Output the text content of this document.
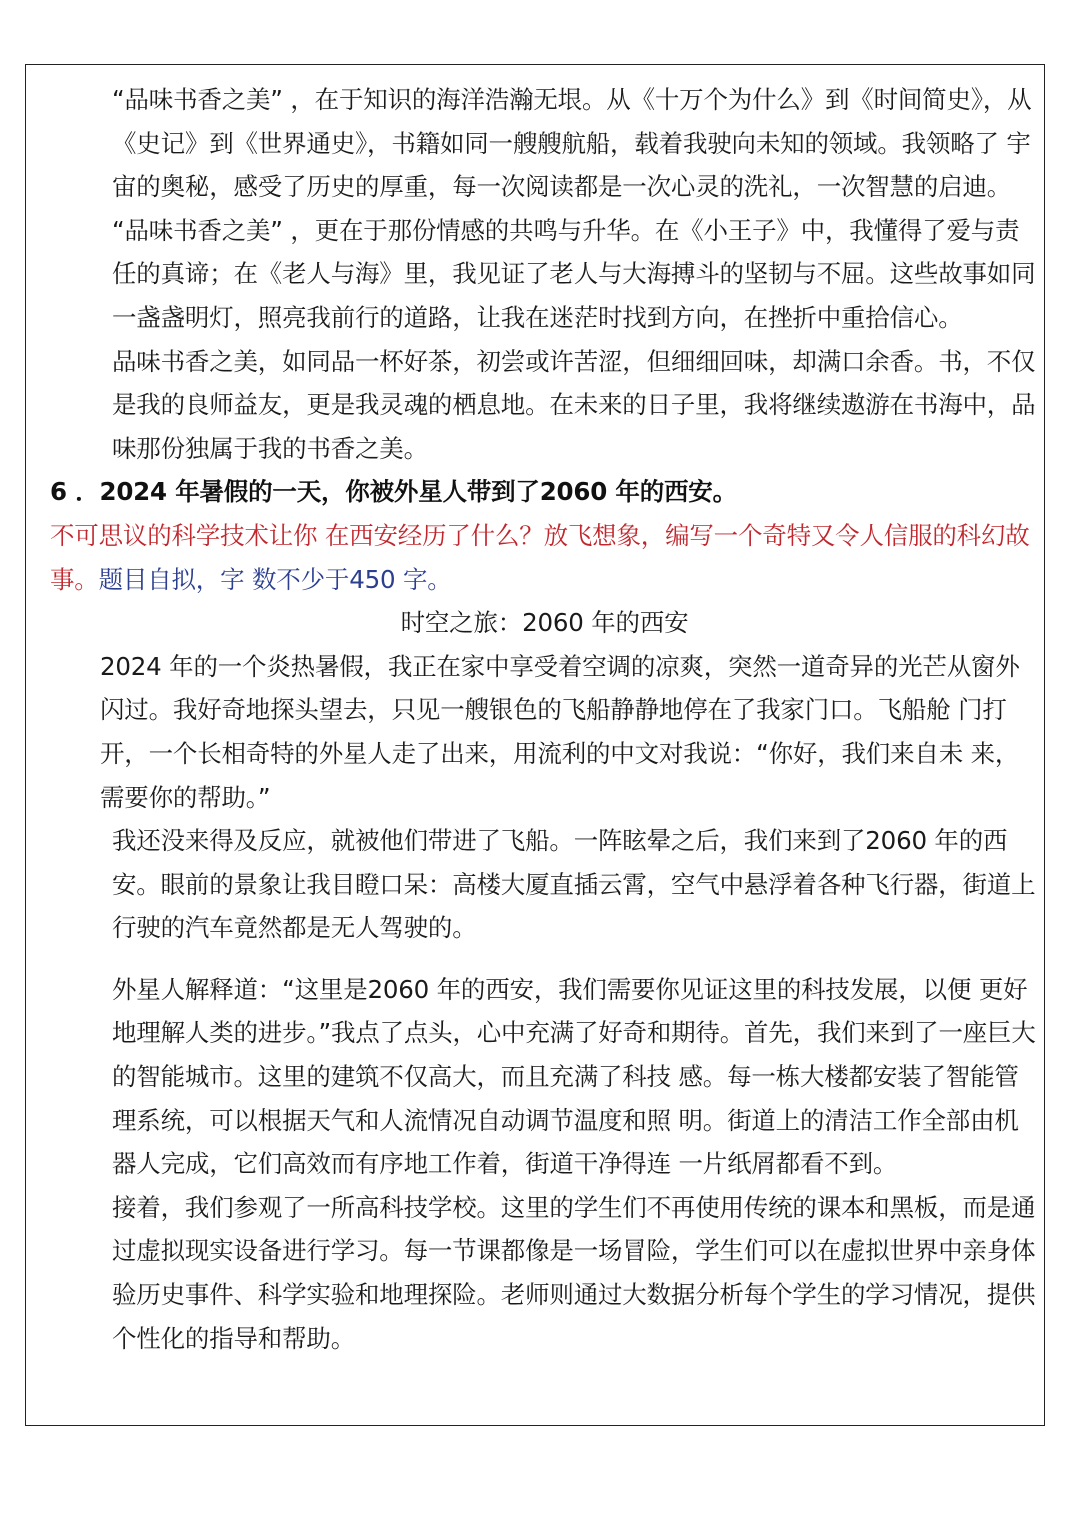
“品味书香之美” ，在于知识的海洋浩瀚无垠。从《十万个为什么》到《时间简史》，从《史记》到《世界通史》，书籍如同一艘艘航船，载着我驶向未知的领域。我领略了 宇宙的奥秘，感受了历史的厚重，每一次阅读都是一次心灵的洗礼，一次智慧的启迪。

“品味书香之美” ，更在于那份情感的共鸣与升华。在《小王子》中，我懂得了爱与责任的真谛；在《老人与海》里，我见证了老人与大海搏斗的坚韧与不屈。这些故事如同一盏盏明灯，照亮我前行的道路，让我在迷茫时找到方向，在挫折中重拾信心。

品味书香之美，如同品一杯好茶，初尝或许苦涩，但细细回味，却满口余香。书，不仅是我的良师益友，更是我灵魂的栖息地。在未来的日子里，我将继续遨游在书海中，品味那份独属于我的书香之美。

6 ．2024 年暑假的一天，你被外星人带到了2060 年的西安。

不可思议的科学技术让你 在西安经历了什么？放飞想象，编写一个奇特又令人信服的科幻故事。题目自拟，字 数不少于450 字。

时空之旅：2060 年的西安

2024 年的一个炎热暑假，我正在家中享受着空调的凉爽，突然一道奇异的光芒从窗外闪过。我好奇地探头望去，只见一艘银色的飞船静静地停在了我家门口。飞船舱 门打开，一个长相奇特的外星人走了出来，用流利的中文对我说：“你好，我们来自未 来，需要你的帮助。”

我还没来得及反应，就被他们带进了飞船。一阵眩晕之后，我们来到了2060 年的西安。眼前的景象让我目瞪口呆：高楼大厦直插云霄，空气中悬浮着各种飞行器，街道上行驶的汽车竟然都是无人驾驶的。

外星人解释道：“这里是2060 年的西安，我们需要你见证这里的科技发展，以便 更好地理解人类的进步。”我点了点头，心中充满了好奇和期待。首先，我们来到了一座巨大的智能城市。这里的建筑不仅高大，而且充满了科技 感。每一栋大楼都安装了智能管理系统，可以根据天气和人流情况自动调节温度和照 明。街道上的清洁工作全部由机器人完成，它们高效而有序地工作着，街道干净得连 一片纸屑都看不到。

接着，我们参观了一所高科技学校。这里的学生们不再使用传统的课本和黑板，而是通过虚拟现实设备进行学习。每一节课都像是一场冒险，学生们可以在虚拟世界中亲身体验历史事件、科学实验和地理探险。老师则通过大数据分析每个学生的学习情况，提供个性化的指导和帮助。
